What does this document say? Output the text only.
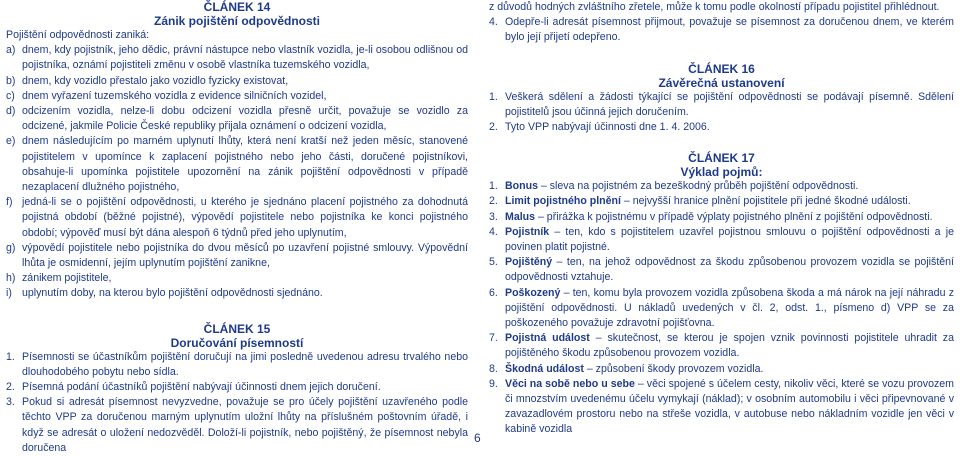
ČLÁNEK 14
Zánik pojištění odpovědnosti
Pojištění odpovědnosti zaniká:
a) dnem, kdy pojistník, jeho dědic, právní nástupce nebo vlastník vozidla, je-li osobou odlišnou od pojistníka, oznámí pojistiteli změnu v osobě vlastníka tuzemského vozidla,
b) dnem, kdy vozidlo přestalo jako vozidlo fyzicky existovat,
c) dnem vyřazení tuzemského vozidla z evidence silničních vozidel,
d) odcizením vozidla, nelze-li dobu odcizení vozidla přesně určit, považuje se vozidlo za odcizené, jakmile Policie České republiky přijala oznámení o odcizení vozidla,
e) dnem následujícím po marném uplynutí lhůty, která není kratší než jeden měsíc, stanovené pojistitelem v upomínce k zaplacení pojistného nebo jeho části, doručené pojistníkovi, obsahuje-li upomínka pojistitele upozornění na zánik pojištění odpovědnosti v případě nezaplacení dlužného pojistného,
f) jedná-li se o pojištění odpovědnosti, u kterého je sjednáno placení pojistného za dohodnutá pojistná období (běžné pojistné), výpovědí pojistitele nebo pojistníka ke konci pojistného období; výpověď musí být dána alespoň 6 týdnů před jeho uplynutím,
g) výpovědí pojistitele nebo pojistníka do dvou měsíců po uzavření pojistné smlouvy. Výpovědní lhůta je osmidenní, jejím uplynutím pojištění zanikne,
h) zánikem pojistitele,
i) uplynutím doby, na kterou bylo pojištění odpovědnosti sjednáno.
ČLÁNEK 15
Doručování písemností
1. Písemnosti se účastníkům pojištění doručují na jimi posledně uvedenou adresu trvalého nebo dlouhodobého pobytu nebo sídla.
2. Písemná podání účastníků pojištění nabývají účinnosti dnem jejich doručení.
3. Pokud si adresát písemnost nevyzvedne, považuje se pro účely pojištění uzavřeného podle těchto VPP za doručenou marným uplynutím uložní lhůty na příslušném poštovním úřadě, i když se adresát o uložení nedozvěděl. Doloží-li pojistník, nebo pojištěný, že písemnost nebyla doručena
z důvodů hodných zvláštního zřetele, může k tomu podle okolností případu pojistitel přihlédnout.
4. Odepře-li adresát písemnost přijmout, považuje se písemnost za doručenou dnem, ve kterém bylo její přijetí odepřeno.
ČLÁNEK 16
Závěrečná ustanovení
1. Veškerá sdělení a žádosti týkající se pojištění odpovědnosti se podávají písemně. Sdělení pojistitelů jsou účinná jejich doručením.
2. Tyto VPP nabývají účinnosti dne 1. 4. 2006.
ČLÁNEK 17
Výklad pojmů:
1. Bonus – sleva na pojistném za bezeškodný průběh pojištění odpovědnosti.
2. Limit pojistného plnění – nejvyšší hranice plnění pojistitele při jedné škodné události.
3. Malus – přirážka k pojistnému v případě výplaty pojistného plnění z pojištění odpovědnosti.
4. Pojistník – ten, kdo s pojistitelem uzavřel pojistnou smlouvu o pojištění odpovědnosti a je povinen platit pojistné.
5. Pojištěný – ten, na jehož odpovědnost za škodu způsobenou provozem vozidla se pojištění odpovědnosti vztahuje.
6. Poškozený – ten, komu byla provozem vozidla způsobena škoda a má nárok na její náhradu z pojištění odpovědnosti. U nákladů uvedených v čl. 2, odst. 1., písmeno d) VPP se za poškozeného považuje zdravotní pojišťovna.
7. Pojistná událost – skutečnost, se kterou je spojen vznik povinnosti pojistitele uhradit za pojištěného škodu způsobenou provozem vozidla.
8. Škodná událost – způsobení škody provozem vozidla.
9. Věci na sobě nebo u sebe – věci spojené s účelem cesty, nikoliv věci, které se vozu provozem či mnozstvím uvedenému účelu vymykají (náklad); v osobním automobilu i věci připevnované v zavazadlovém prostoru nebo na střeše vozidla, v autobuse nebo nákladním vozidle jen věci v kabině vozidla
6
